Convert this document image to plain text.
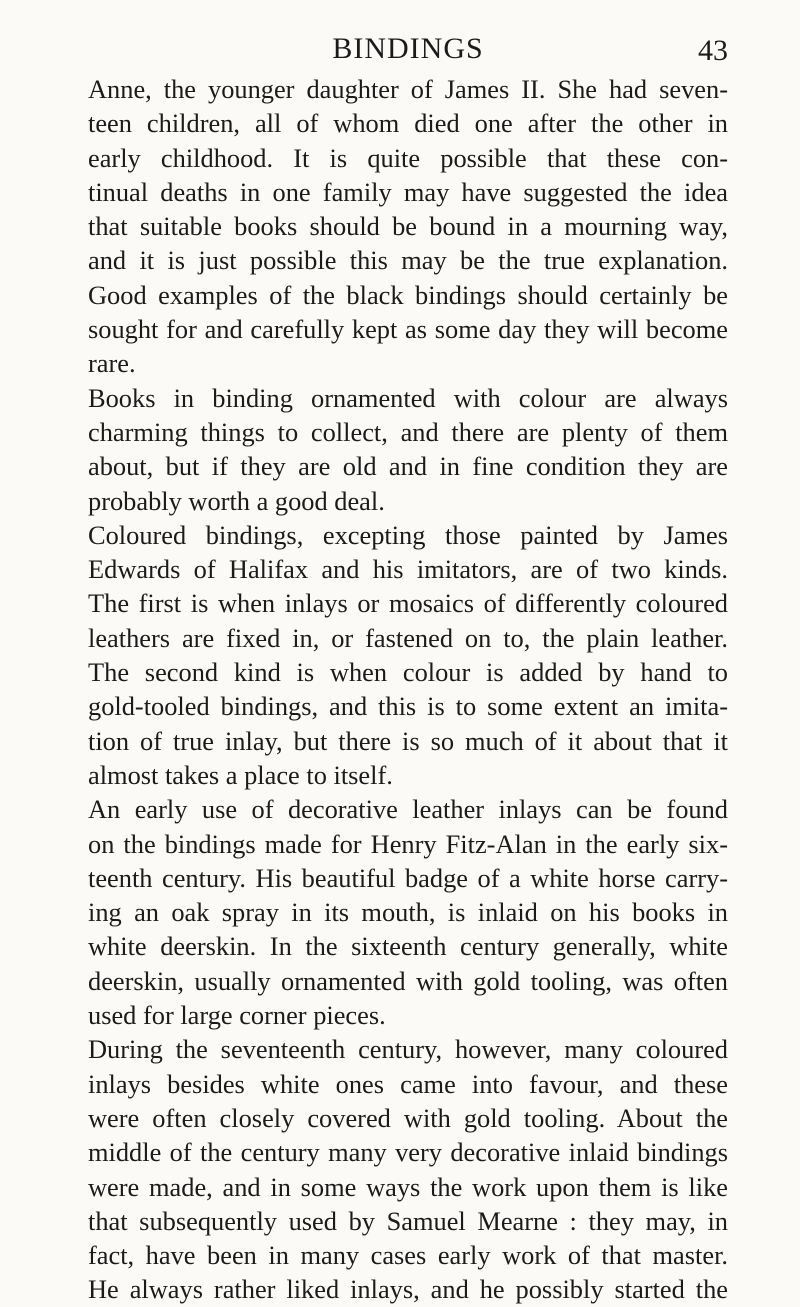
BINDINGS	43
Anne, the younger daughter of James II. She had seven-
teen children, all of whom died one after the other in
early childhood. It is quite possible that these con-
tinual deaths in one family may have suggested the idea
that suitable books should be bound in a mourning way,
and it is just possible this may be the true explanation.
Good examples of the black bindings should certainly be
sought for and carefully kept as some day they will become
rare.
Books in binding ornamented with colour are always
charming things to collect, and there are plenty of them
about, but if they are old and in fine condition they are
probably worth a good deal.
Coloured bindings, excepting those painted by James
Edwards of Halifax and his imitators, are of two kinds.
The first is when inlays or mosaics of differently coloured
leathers are fixed in, or fastened on to, the plain leather.
The second kind is when colour is added by hand to
gold-tooled bindings, and this is to some extent an imita-
tion of true inlay, but there is so much of it about that it
almost takes a place to itself.
An early use of decorative leather inlays can be found
on the bindings made for Henry Fitz-Alan in the early six-
teenth century. His beautiful badge of a white horse carry-
ing an oak spray in its mouth, is inlaid on his books in
white deerskin. In the sixteenth century generally, white
deerskin, usually ornamented with gold tooling, was often
used for large corner pieces.
During the seventeenth century, however, many coloured
inlays besides white ones came into favour, and these
were often closely covered with gold tooling. About the
middle of the century many very decorative inlaid bindings
were made, and in some ways the work upon them is like
that subsequently used by Samuel Mearne : they may, in
fact, have been in many cases early work of that master.
He always rather liked inlays, and he possibly started the
